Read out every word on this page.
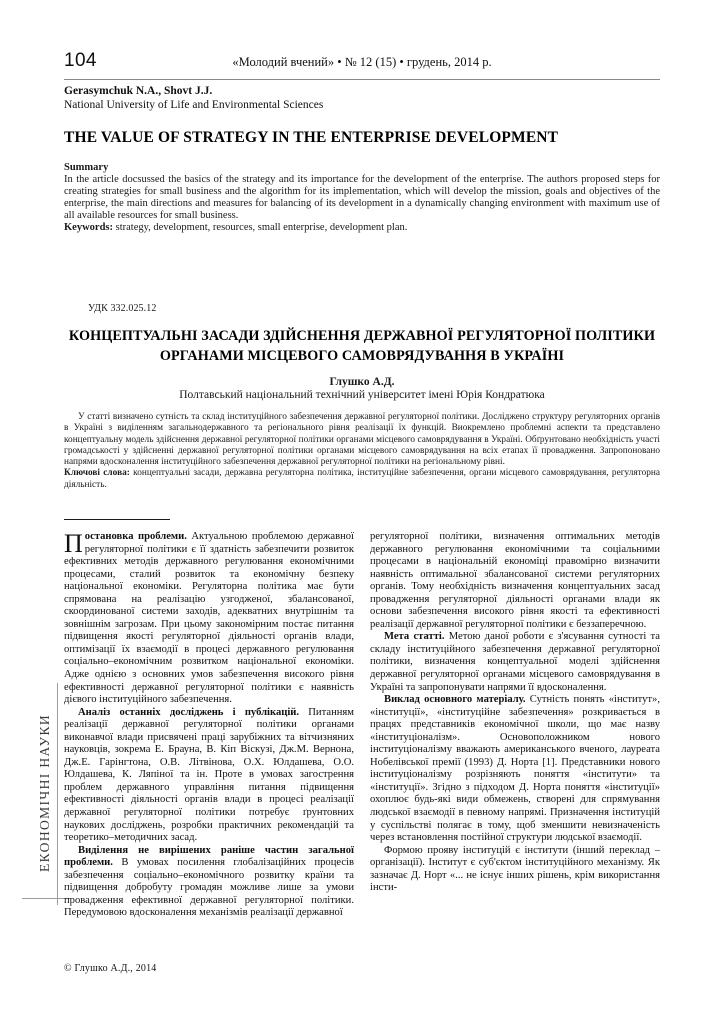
104	«Молодий вчений» • № 12 (15) • грудень, 2014 р.
Gerasymchuk N.A., Shovt J.J.
National University of Life and Environmental Sciences
THE VALUE OF STRATEGY IN THE ENTERPRISE DEVELOPMENT
Summary
In the article docsussed the basics of the strategy and its importance for the development of the enterprise. The authors proposed steps for creating strategies for small business and the algorithm for its implementation, which will develop the mission, goals and objectives of the enterprise, the main directions and measures for balancing of its development in a dynamically changing environment with maximum use of all available resources for small business.
Keywords: strategy, development, resources, small enterprise, development plan.
УДК 332.025.12
КОНЦЕПТУАЛЬНІ ЗАСАДИ ЗДІЙСНЕННЯ ДЕРЖАВНОЇ РЕГУЛЯТОРНОЇ ПОЛІТИКИ ОРГАНАМИ МІСЦЕВОГО САМОВРЯДУВАННЯ В УКРАЇНІ
Глушко А.Д.
Полтавський національний технічний університет імені Юрія Кондратюка

У статті визначено сутність та склад інституційного забезпечення державної регуляторної політики. Досліджено структуру регуляторних органів в Україні з виділенням загальнодержавного та регіонального рівня реалізації їх функцій. Виокремлено проблемні аспекти та представлено концептуальну модель здійснення державної регуляторної політики органами місцевого самоврядування в Україні. Обґрунтовано необхідність участі громадськості у здійсненні державної регуляторної політики органами місцевого самоврядування на всіх етапах її провадження. Запропоновано напрями вдосконалення інституційного забезпечення державної регуляторної політики на регіональному рівні.

Ключові слова: концептуальні засади, державна регуляторна політика, інституційне забезпечення, органи місцевого самоврядування, регуляторна діяльність.

ЕКОНОМІЧНІ НАУКИ

Постановка проблеми. Актуальною проблемою державної регуляторної політики є її здатність забезпечити розвиток ефективних методів державного регулювання економічними процесами, сталий розвиток та економічну безпеку національної економіки. Регуляторна політика має бути спрямована на реалізацію узгодженої, збалансованої, скоординованої системи заходів, адекватних внутрішнім та зовнішнім загрозам. При цьому закономірним постає питання підвищення якості регуляторної діяльності органів влади, оптимізації їх взаємодії в процесі державного регулювання соціально–економічним розвитком національної економіки. Адже однією з основних умов забезпечення високого рівня ефективності державної регуляторної політики є наявність дієвого інституційного забезпечення.

Аналіз останніх досліджень і публікацій. Питанням реалізації державної регуляторної політики органами виконавчої влади присвячені праці зарубіжних та вітчизняних науковців, зокрема Е. Брауна, В. Кіп Віскузі, Дж.М. Вернона, Дж.Е. Гарінгтона, О.В. Літвінова, О.Х. Юлдашева, О.О. Юлдашева, К. Ляпіної та ін. Проте в умовах загострення проблем державного управління питання підвищення ефективності діяльності органів влади в процесі реалізації державної регуляторної політики потребує ґрунтовних наукових досліджень, розробки практичних рекомендацій та теоретико–методичних засад.

Виділення не вирішених раніше частин загальної проблеми. В умовах посилення глобалізаційних процесів забезпечення соціально–економічного розвитку країни та підвищення добробуту громадян можливе лише за умови провадження ефективної державної регуляторної політики. Передумовою вдосконалення механізмів реалізації державної

регуляторної політики, визначення оптимальних методів державного регулювання економічними та соціальними процесами в національній економіці правомірно визначити наявність оптимальної збалансованої системи регуляторних органів. Тому необхідність визначення концептуальних засад провадження регуляторної діяльності органами влади як основи забезпечення високого рівня якості та ефективності реалізації державної регуляторної політики є беззаперечною.

Мета статті. Метою даної роботи є з'ясування сутності та складу інституційного забезпечення державної регуляторної політики, визначення концептуальної моделі здійснення державної регуляторної органами місцевого самоврядування в Україні та запропонувати напрями її вдосконалення.

Виклад основного матеріалу. Сутність понять «інститут», «інституції», «інституційне забезпечення» розкривається в працях представників економічної школи, що має назву «інституціоналізм». Основоположником нового інституціоналізму вважають американського вченого, лауреата Нобелівської премії (1993) Д. Норта [1]. Представники нового інституціоналізму розрізняють поняття «інститути» та «інституції». Згідно з підходом Д. Норта поняття «інституції» охоплює будь-які види обмежень, створені для спрямування людської взаємодії в певному напрямі. Призначення інституцій у суспільстві полягає в тому, щоб зменшити невизначеність через встановлення постійної структури людської взаємодії.

Формою прояву інституцій є інститути (інший переклад – організації). Інститут є суб'єктом інституційного механізму. Як зазначає Д. Норт «... не існує інших рішень, крім використання інсти-

© Глушко А.Д., 2014
